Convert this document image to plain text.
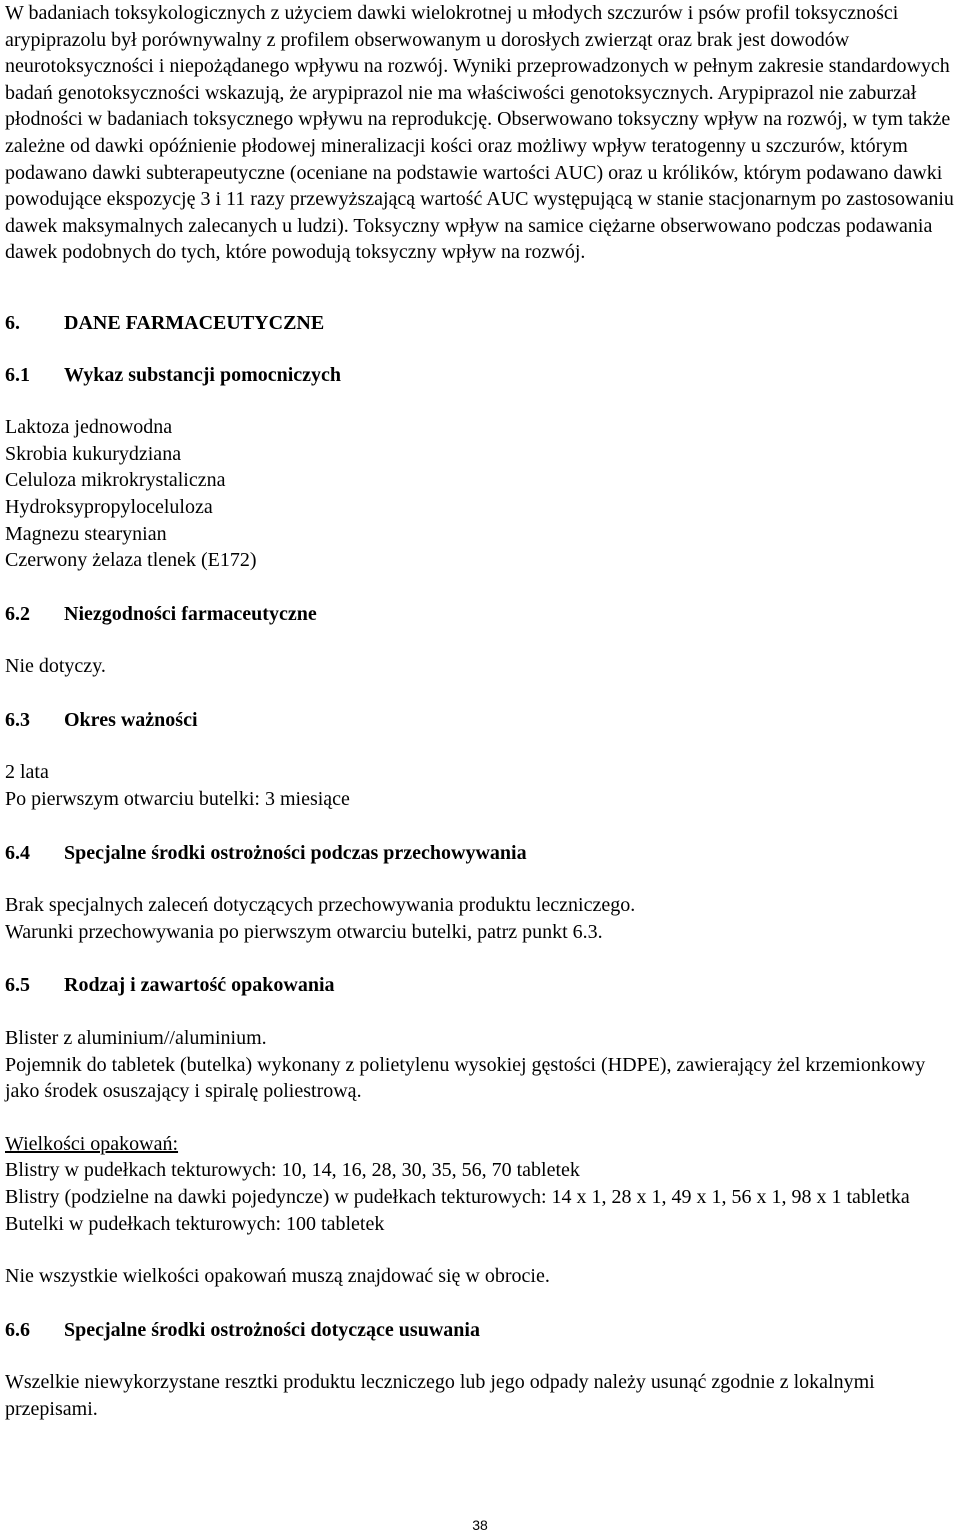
W badaniach toksykologicznych z użyciem dawki wielokrotnej u młodych szczurów i psów profil toksyczności arypiprazolu był porównywalny z profilem obserwowanym u dorosłych zwierząt oraz brak jest dowodów neurotoksyczności i niepożądanego wpływu na rozwój. Wyniki przeprowadzonych w pełnym zakresie standardowych badań genotoksyczności wskazują, że arypiprazol nie ma właściwości genotoksycznych. Arypiprazol nie zaburzał płodności w badaniach toksycznego wpływu na reprodukcję. Obserwowano toksyczny wpływ na rozwój, w tym także zależne od dawki opóźnienie płodowej mineralizacji kości oraz możliwy wpływ teratogenny u szczurów, którym podawano dawki subterapeutyczne (oceniane na podstawie wartości AUC) oraz u królików, którym podawano dawki powodujące ekspozycję 3 i 11 razy przewyższającą wartość AUC występującą w stanie stacjonarnym po zastosowaniu dawek maksymalnych zalecanych u ludzi). Toksyczny wpływ na samice ciężarne obserwowano podczas podawania dawek podobnych do tych, które powodują toksyczny wpływ na rozwój.

6.	DANE FARMACEUTYCZNE
6.1	Wykaz substancji pomocniczych
Laktoza jednowodna
Skrobia kukurydziana
Celuloza mikrokrystaliczna
Hydroksypropyloceluloza
Magnezu stearynian
Czerwony żelaza tlenek (E172)
6.2	Niezgodności farmaceutyczne

Nie dotyczy.

6.3	Okres ważności
2 lata
Po pierwszym otwarciu butelki: 3 miesiące
6.4	Specjalne środki ostrożności podczas przechowywania
Brak specjalnych zaleceń dotyczących przechowywania produktu leczniczego.
Warunki przechowywania po pierwszym otwarciu butelki, patrz punkt 6.3.
6.5	Rodzaj i zawartość opakowania
Blister z aluminium//aluminium.
Pojemnik do tabletek (butelka) wykonany z polietylenu wysokiej gęstości (HDPE), zawierający żel krzemionkowy jako środek osuszający i spiralę poliestrową.
Wielkości opakowań:
Blistry w pudełkach tekturowych: 10, 14, 16, 28, 30, 35, 56, 70 tabletek
Blistry (podzielne na dawki pojedyncze) w pudełkach tekturowych: 14 x 1, 28 x 1, 49 x 1, 56 x 1, 98 x 1 tabletka
Butelki w pudełkach tekturowych: 100 tabletek

Nie wszystkie wielkości opakowań muszą znajdować się w obrocie.

6.6	Specjalne środki ostrożności dotyczące usuwania

Wszelkie niewykorzystane resztki produktu leczniczego lub jego odpady należy usunąć zgodnie z lokalnymi przepisami.

38
